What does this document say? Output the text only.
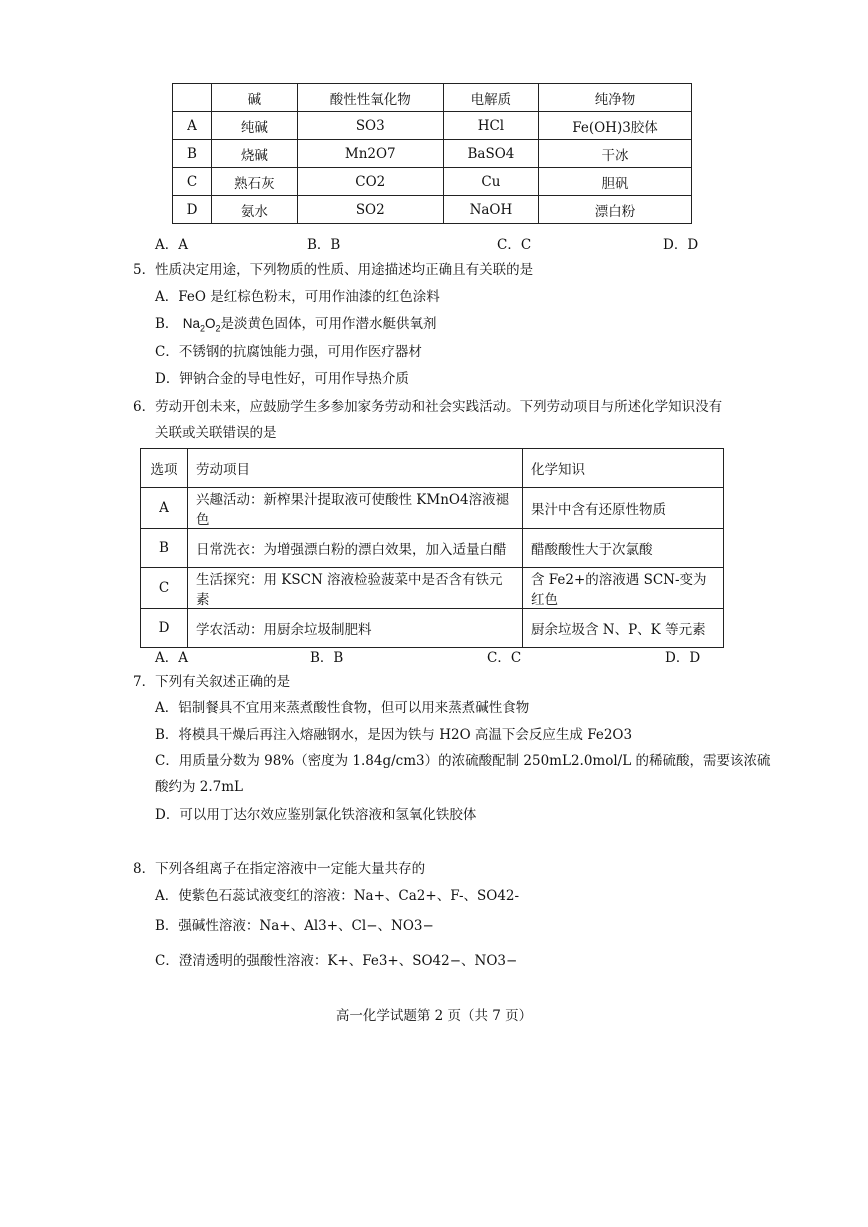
	碱	酸性性氧化物	电解质	纯净物
A	纯碱	SO3	HCl	Fe(OH)3胶体
B	烧碱	Mn2O7	BaSO4	干冰
C	熟石灰	CO2	Cu	胆矾
D	氨水	SO2	NaOH	漂白粉
A．A	B．B	C．C	D．D
5．性质决定用途，下列物质的性质、用途描述均正确且有关联的是
A．FeO 是红棕色粉末，可用作油漆的红色涂料
B． $Na_2O_2$是淡黄色固体，可用作潜水艇供氧剂
C．不锈钢的抗腐蚀能力强，可用作医疗器材
D．钾钠合金的导电性好，可用作导热介质
6．劳动开创未来，应鼓励学生多参加家务劳动和社会实践活动。下列劳动项目与所述化学知识没有
关联或关联错误的是
选项	劳动项目	化学知识
A	兴趣活动：新榨果汁提取液可使酸性 KMnO4溶液褪色	果汁中含有还原性物质
B	日常洗衣：为增强漂白粉的漂白效果，加入适量白醋	醋酸酸性大于次氯酸
C	生活探究：用 KSCN 溶液检验菠菜中是否含有铁元素	含 Fe2+的溶液遇 SCN-变为红色
D	学农活动：用厨余垃圾制肥料	厨余垃圾含 N、P、K 等元素
A．A	B．B	C．C	D．D
7．下列有关叙述正确的是
A．铝制餐具不宜用来蒸煮酸性食物，但可以用来蒸煮碱性食物
B．将模具干燥后再注入熔融钢水，是因为铁与 H2O 高温下会反应生成 Fe2O3
C．用质量分数为 98%（密度为 1.84g/cm3）的浓硫酸配制 250mL2.0mol/L 的稀硫酸，需要该浓硫
酸约为 2.7mL
D．可以用丁达尔效应鉴别氯化铁溶液和氢氧化铁胶体
8．下列各组离子在指定溶液中一定能大量共存的
A．使紫色石蕊试液变红的溶液：Na+、Ca2+、F-、SO42-
B．强碱性溶液：Na+、Al3+、Cl−、NO3−
C．澄清透明的强酸性溶液：K+、Fe3+、SO42−、NO3−
高一化学试题第 2 页（共 7 页）
